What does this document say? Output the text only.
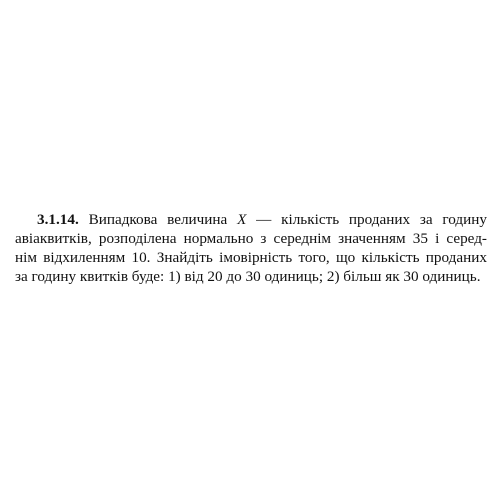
3.1.14. Випадкова величина X — кількість проданих за годину
авіаквитків, розподілена нормально з середнім значенням 35 і серед-
нім відхиленням 10. Знайдіть імовірність того, що кількість проданих
за годину квитків буде: 1) від 20 до 30 одиниць; 2) більш як 30 одиниць.
